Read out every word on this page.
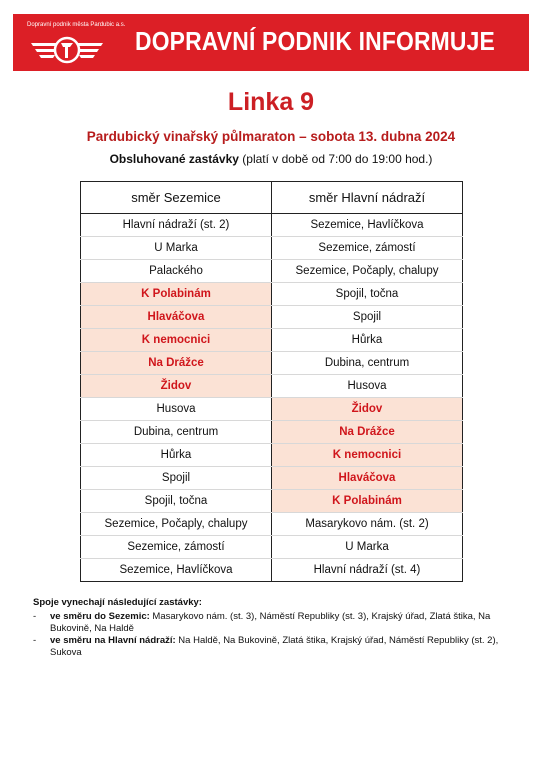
Dopravní podnik města Pardubic a.s.
DOPRAVNÍ PODNIK INFORMUJE
Linka 9
Pardubický vinařský půlmaraton – sobota 13. dubna 2024
Obsluhované zastávky (platí v době od 7:00 do 19:00 hod.)
směr Sezemice	směr Hlavní nádraží
Hlavní nádraží (st. 2)	Sezemice, Havlíčkova
U Marka	Sezemice, zámostí
Palackého	Sezemice, Počaply, chalupy
K Polabinám	Spojil, točna
Hlaváčova	Spojil
K nemocnici	Hůrka
Na Drážce	Dubina, centrum
Židov	Husova
Husova	Židov
Dubina, centrum	Na Drážce
Hůrka	K nemocnici
Spojil	Hlaváčova
Spojil, točna	K Polabinám
Sezemice, Počaply, chalupy	Masarykovo nám. (st. 2)
Sezemice, zámostí	U Marka
Sezemice, Havlíčkova	Hlavní nádraží (st. 4)
Spoje vynechají následující zastávky:
- ve směru do Sezemic: Masarykovo nám. (st. 3), Náměstí Republiky (st. 3), Krajský úřad, Zlatá štika, Na Bukovině, Na Haldě
- ve směru na Hlavní nádraží: Na Haldě, Na Bukovině, Zlatá štika, Krajský úřad, Náměstí Republiky (st. 2), Sukova
